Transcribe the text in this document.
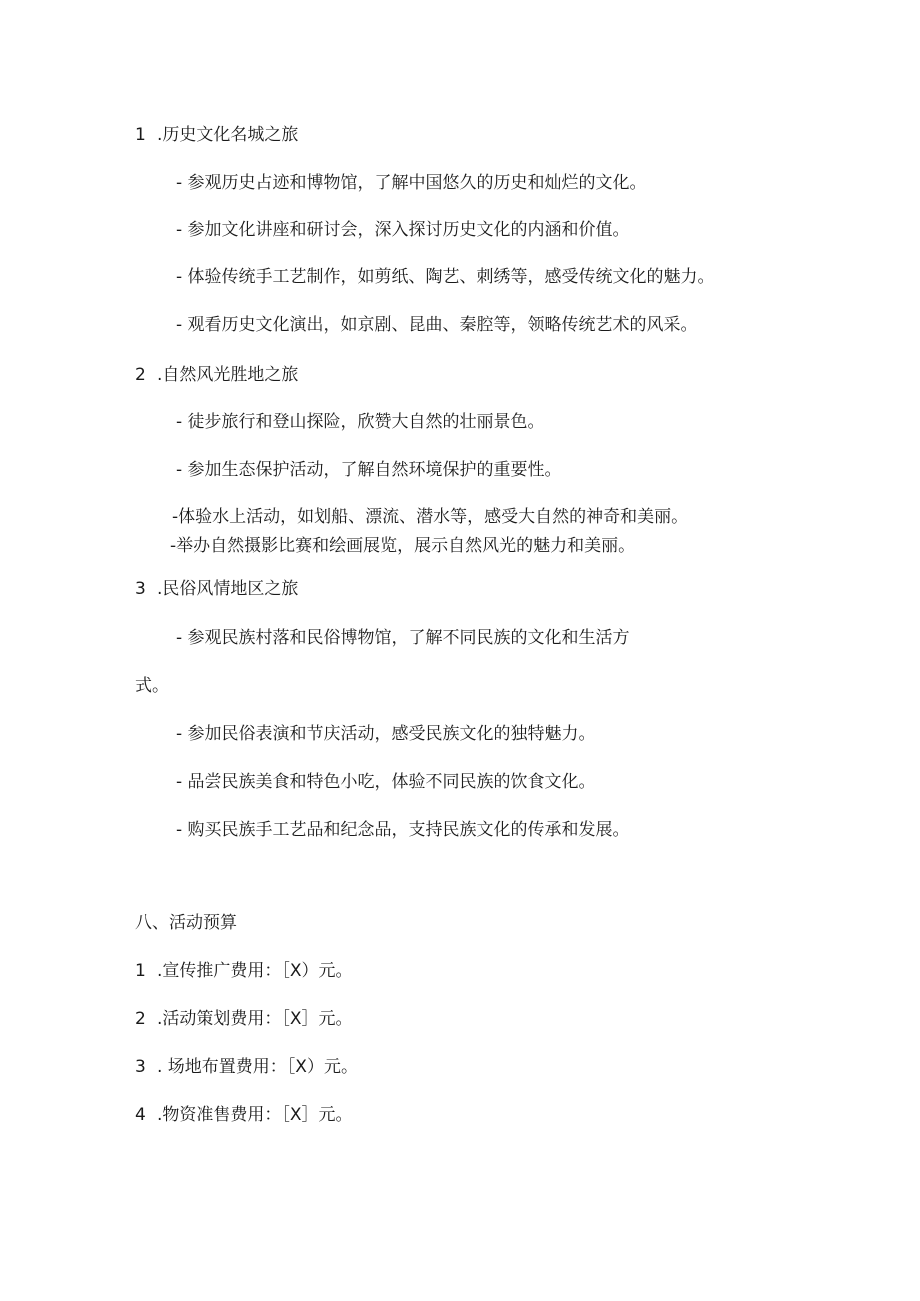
1 .历史文化名城之旅
- 参观历史占迹和博物馆，了解中国悠久的历史和灿烂的文化。
- 参加文化讲座和研讨会，深入探讨历史文化的内涵和价值。
- 体验传统手工艺制作，如剪纸、陶艺、刺绣等，感受传统文化的魅力。
- 观看历史文化演出，如京剧、昆曲、秦腔等，领略传统艺术的风采。
2 .自然风光胜地之旅
- 徒步旅行和登山探险，欣赞大自然的壮丽景色。
- 参加生态保护活动，了解自然环境保护的重要性。
-体验水上活动，如划船、漂流、潜水等，感受大自然的神奇和美丽。
-举办自然摄影比赛和绘画展览，展示自然风光的魅力和美丽。
3 .民俗风情地区之旅
- 参观民族村落和民俗博物馆，了解不同民族的文化和生活方
式。
- 参加民俗表演和节庆活动，感受民族文化的独特魅力。
- 品尝民族美食和特色小吃，体验不同民族的饮食文化。
- 购买民族手工艺品和纪念品，支持民族文化的传承和发展。
八、活动预算
1 .宣传推广费用：［X）元。
2 .活动策划费用：［X］元。
3 . 场地布置费用：［X）元。
4 .物资准售费用：［X］元。
